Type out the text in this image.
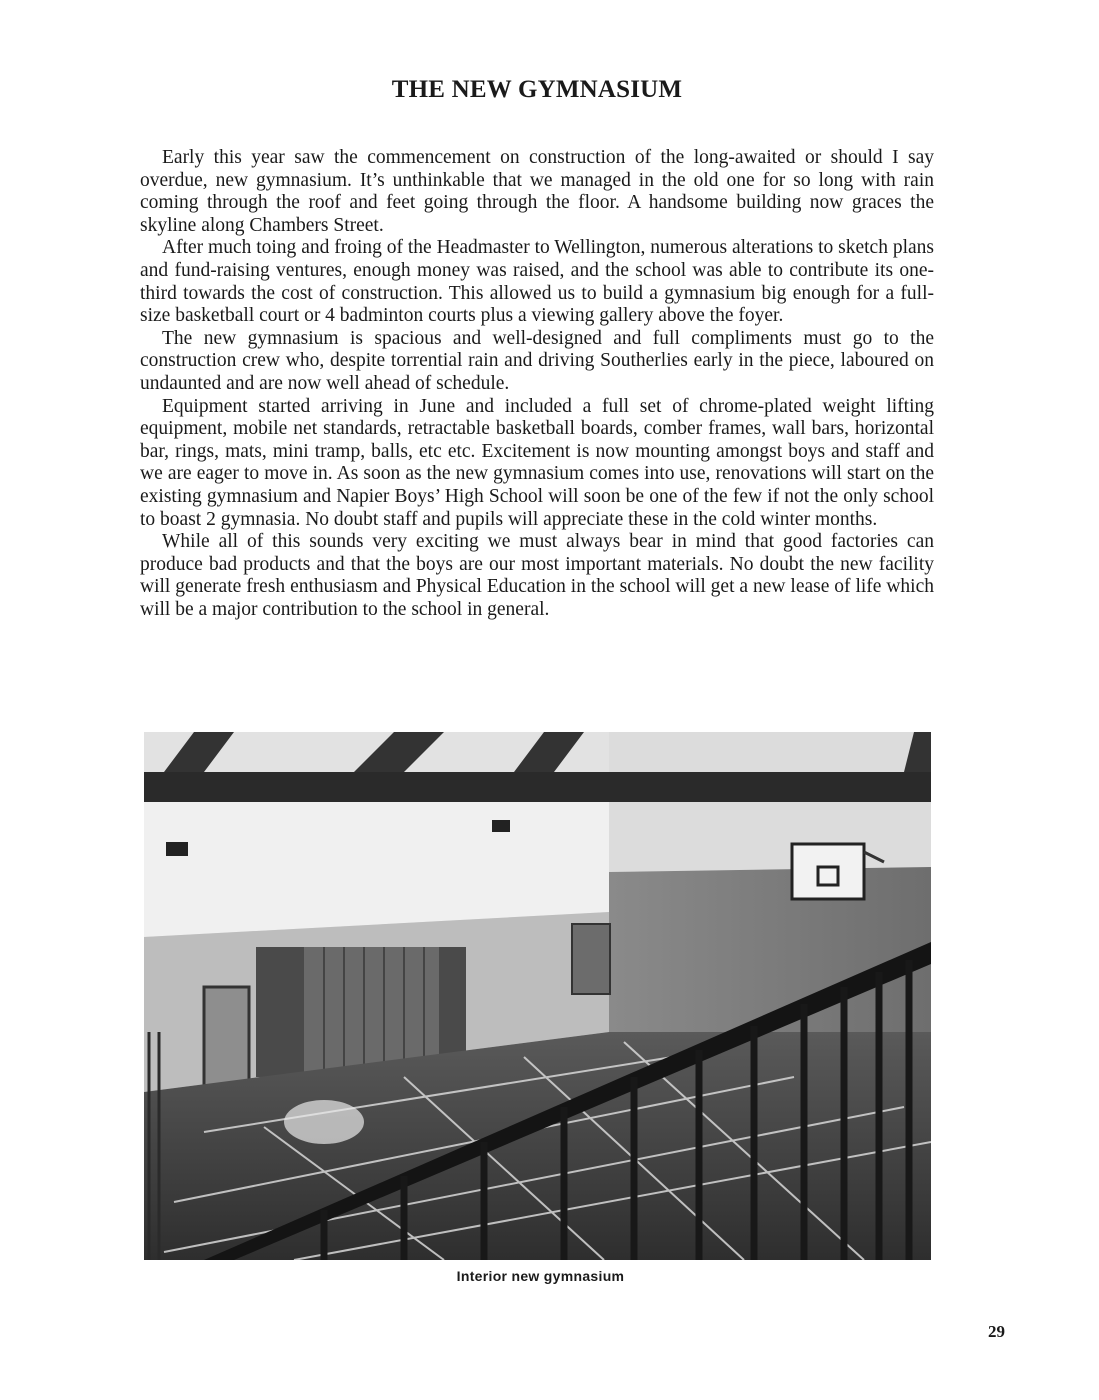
THE NEW GYMNASIUM

Early this year saw the commencement on construction of the long-awaited or should I say overdue, new gymnasium. It’s unthinkable that we managed in the old one for so long with rain coming through the roof and feet going through the floor. A handsome building now graces the skyline along Chambers Street.

After much toing and froing of the Headmaster to Wellington, numerous alterations to sketch plans and fund-raising ventures, enough money was raised, and the school was able to contribute its one-third towards the cost of construction. This allowed us to build a gymnasium big enough for a full-size basketball court or 4 badminton courts plus a viewing gallery above the foyer.

The new gymnasium is spacious and well-designed and full compliments must go to the construction crew who, despite torrential rain and driving Southerlies early in the piece, laboured on undaunted and are now well ahead of schedule.

Equipment started arriving in June and included a full set of chrome-plated weight lifting equipment, mobile net standards, retractable basketball boards, comber frames, wall bars, horizontal bar, rings, mats, mini tramp, balls, etc etc. Excitement is now mounting amongst boys and staff and we are eager to move in. As soon as the new gymnasium comes into use, renovations will start on the existing gymnasium and Napier Boys’ High School will soon be one of the few if not the only school to boast 2 gymnasia. No doubt staff and pupils will appreciate these in the cold winter months.

While all of this sounds very exciting we must always bear in mind that good factories can produce bad products and that the boys are our most important materials. No doubt the new facility will generate fresh enthusiasm and Physical Education in the school will get a new lease of life which will be a major contribution to the school in general.

Interior new gymnasium
29
